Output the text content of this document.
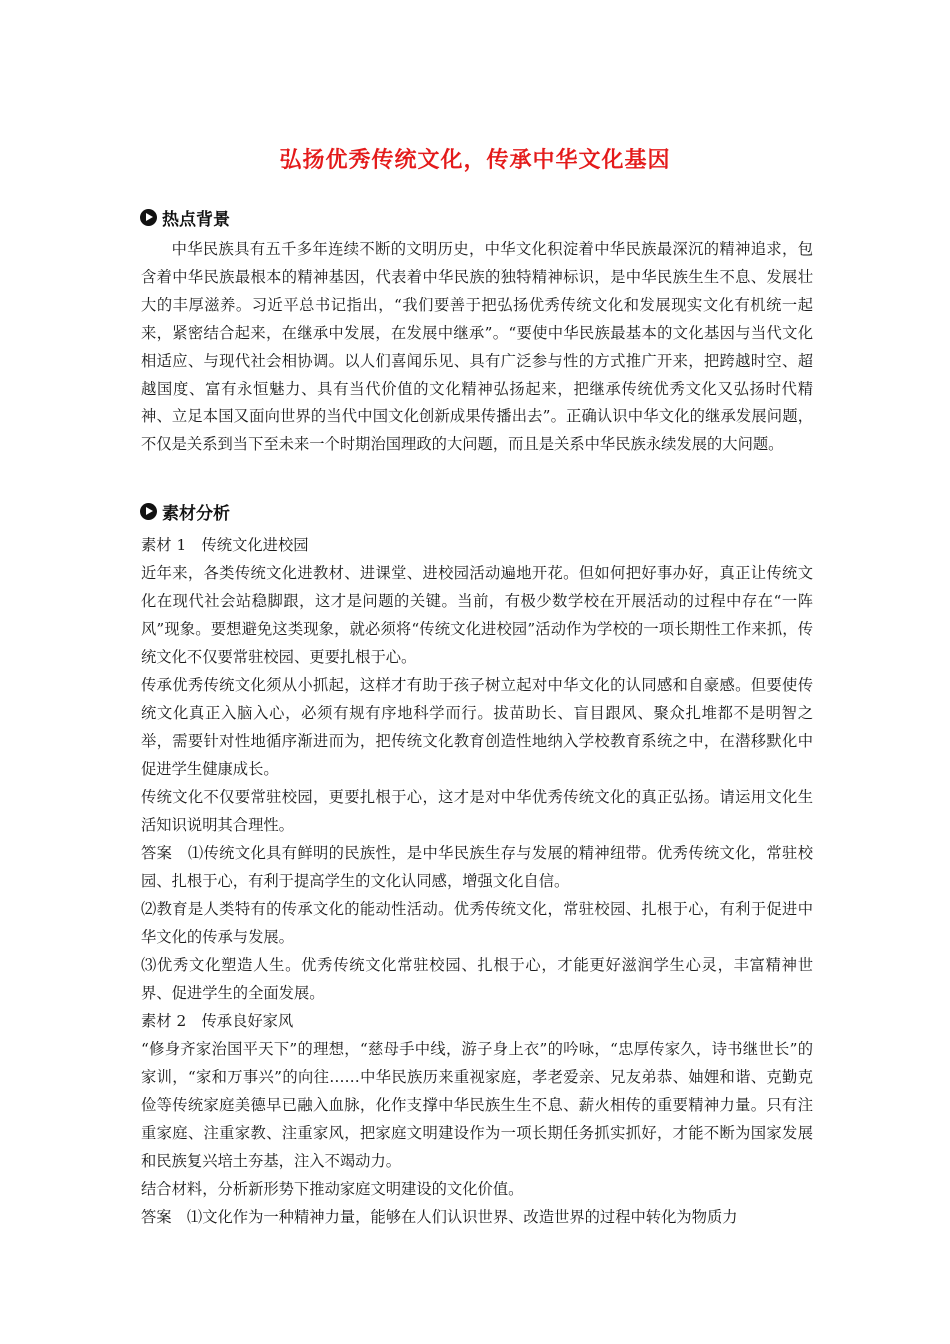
弘扬优秀传统文化，传承中华文化基因
热点背景

中华民族具有五千多年连续不断的文明历史，中华文化积淀着中华民族最深沉的精神追求，包含着中华民族最根本的精神基因，代表着中华民族的独特精神标识，是中华民族生生不息、发展壮大的丰厚滋养。习近平总书记指出，“我们要善于把弘扬优秀传统文化和发展现实文化有机统一起来，紧密结合起来，在继承中发展，在发展中继承”。“要使中华民族最基本的文化基因与当代文化相适应、与现代社会相协调。以人们喜闻乐见、具有广泛参与性的方式推广开来，把跨越时空、超越国度、富有永恒魅力、具有当代价值的文化精神弘扬起来，把继承传统优秀文化又弘扬时代精神、立足本国又面向世界的当代中国文化创新成果传播出去”。正确认识中华文化的继承发展问题，不仅是关系到当下至未来一个时期治国理政的大问题，而且是关系中华民族永续发展的大问题。

素材分析
素材 1　传统文化进校园

近年来，各类传统文化进教材、进课堂、进校园活动遍地开花。但如何把好事办好，真正让传统文化在现代社会站稳脚跟，这才是问题的关键。当前，有极少数学校在开展活动的过程中存在“一阵风”现象。要想避免这类现象，就必须将“传统文化进校园”活动作为学校的一项长期性工作来抓，传统文化不仅要常驻校园、更要扎根于心。

传承优秀传统文化须从小抓起，这样才有助于孩子树立起对中华文化的认同感和自豪感。但要使传统文化真正入脑入心，必须有规有序地科学而行。拔苗助长、盲目跟风、聚众扎堆都不是明智之举，需要针对性地循序渐进而为，把传统文化教育创造性地纳入学校教育系统之中，在潜移默化中促进学生健康成长。

传统文化不仅要常驻校园，更要扎根于心，这才是对中华优秀传统文化的真正弘扬。请运用文化生活知识说明其合理性。

答案　⑴传统文化具有鲜明的民族性，是中华民族生存与发展的精神纽带。优秀传统文化，常驻校园、扎根于心，有利于提高学生的文化认同感，增强文化自信。

⑵教育是人类特有的传承文化的能动性活动。优秀传统文化，常驻校园、扎根于心，有利于促进中华文化的传承与发展。

⑶优秀文化塑造人生。优秀传统文化常驻校园、扎根于心，才能更好滋润学生心灵，丰富精神世界、促进学生的全面发展。

素材 2　传承良好家风

“修身齐家治国平天下”的理想，“慈母手中线，游子身上衣”的吟咏，“忠厚传家久，诗书继世长”的家训，“家和万事兴”的向往……中华民族历来重视家庭，孝老爱亲、兄友弟恭、妯娌和谐、克勤克俭等传统家庭美德早已融入血脉，化作支撑中华民族生生不息、薪火相传的重要精神力量。只有注重家庭、注重家教、注重家风，把家庭文明建设作为一项长期任务抓实抓好，才能不断为国家发展和民族复兴培土夯基，注入不竭动力。

结合材料，分析新形势下推动家庭文明建设的文化价值。

答案　⑴文化作为一种精神力量，能够在人们认识世界、改造世界的过程中转化为物质力
